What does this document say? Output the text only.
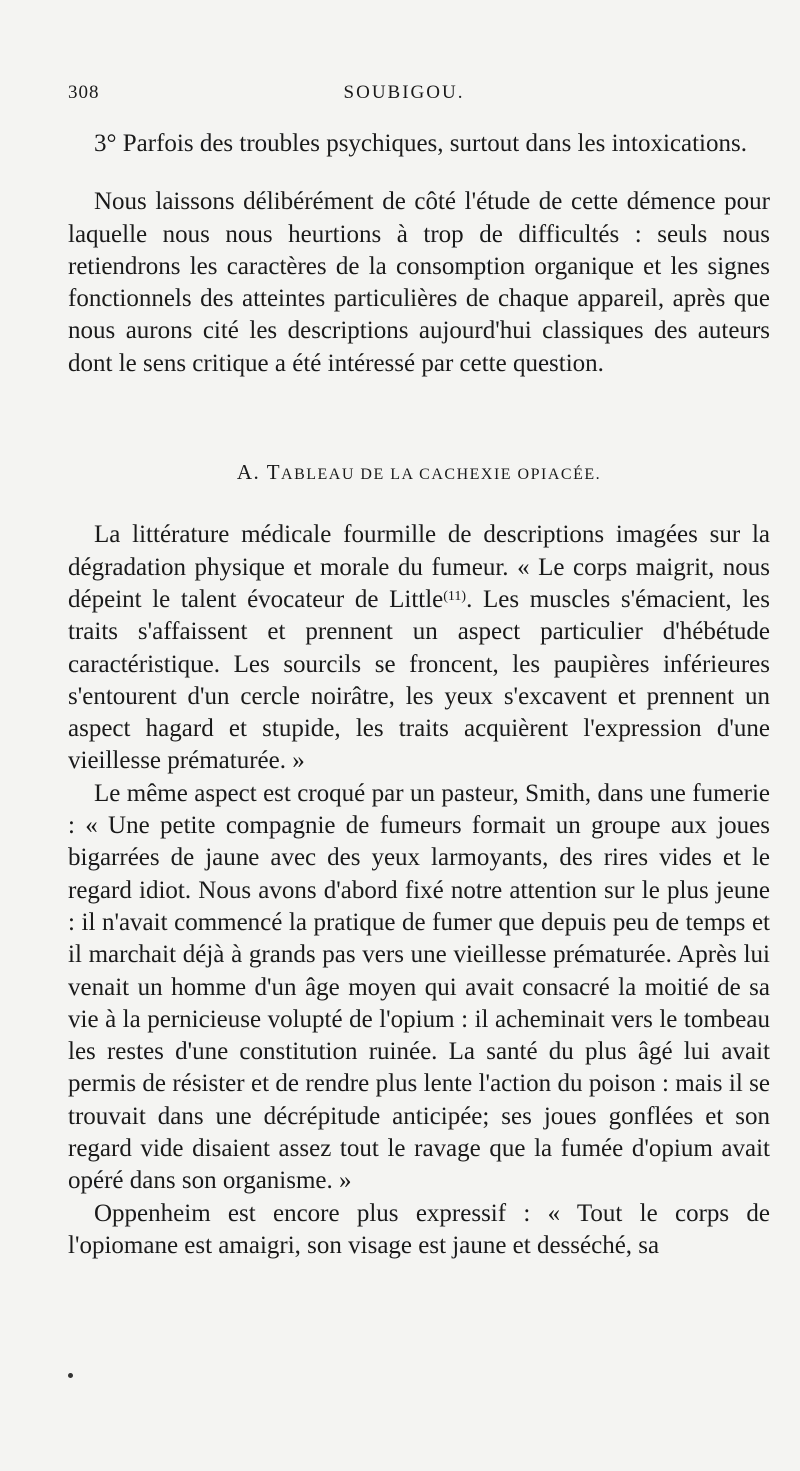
308	SOUBIGOU.

3° Parfois des troubles psychiques, surtout dans les intoxications.

Nous laissons délibérément de côté l'étude de cette démence pour laquelle nous nous heurtions à trop de difficultés : seuls nous retiendrons les caractères de la consomption organique et les signes fonctionnels des atteintes particulières de chaque appareil, après que nous aurons cité les descriptions aujourd'hui classiques des auteurs dont le sens critique a été intéressé par cette question.

A. TABLEAU DE LA CACHEXIE OPIACÉE.

La littérature médicale fourmille de descriptions imagées sur la dégradation physique et morale du fumeur. « Le corps maigrit, nous dépeint le talent évocateur de Little$^{(11)}$. Les muscles s'émacient, les traits s'affaissent et prennent un aspect particulier d'hébétude caractéristique. Les sourcils se froncent, les paupières inférieures s'entourent d'un cercle noirâtre, les yeux s'excavent et prennent un aspect hagard et stupide, les traits acquièrent l'expression d'une vieillesse prématurée. »

Le même aspect est croqué par un pasteur, Smith, dans une fumerie : « Une petite compagnie de fumeurs formait un groupe aux joues bigarrées de jaune avec des yeux larmoyants, des rires vides et le regard idiot. Nous avons d'abord fixé notre attention sur le plus jeune : il n'avait commencé la pratique de fumer que depuis peu de temps et il marchait déjà à grands pas vers une vieillesse prématurée. Après lui venait un homme d'un âge moyen qui avait consacré la moitié de sa vie à la pernicieuse volupté de l'opium : il acheminait vers le tombeau les restes d'une constitution ruinée. La santé du plus âgé lui avait permis de résister et de rendre plus lente l'action du poison : mais il se trouvait dans une décrépitude anticipée; ses joues gonflées et son regard vide disaient assez tout le ravage que la fumée d'opium avait opéré dans son organisme. »

Oppenheim est encore plus expressif : « Tout le corps de l'opiomane est amaigri, son visage est jaune et desséché, sa
